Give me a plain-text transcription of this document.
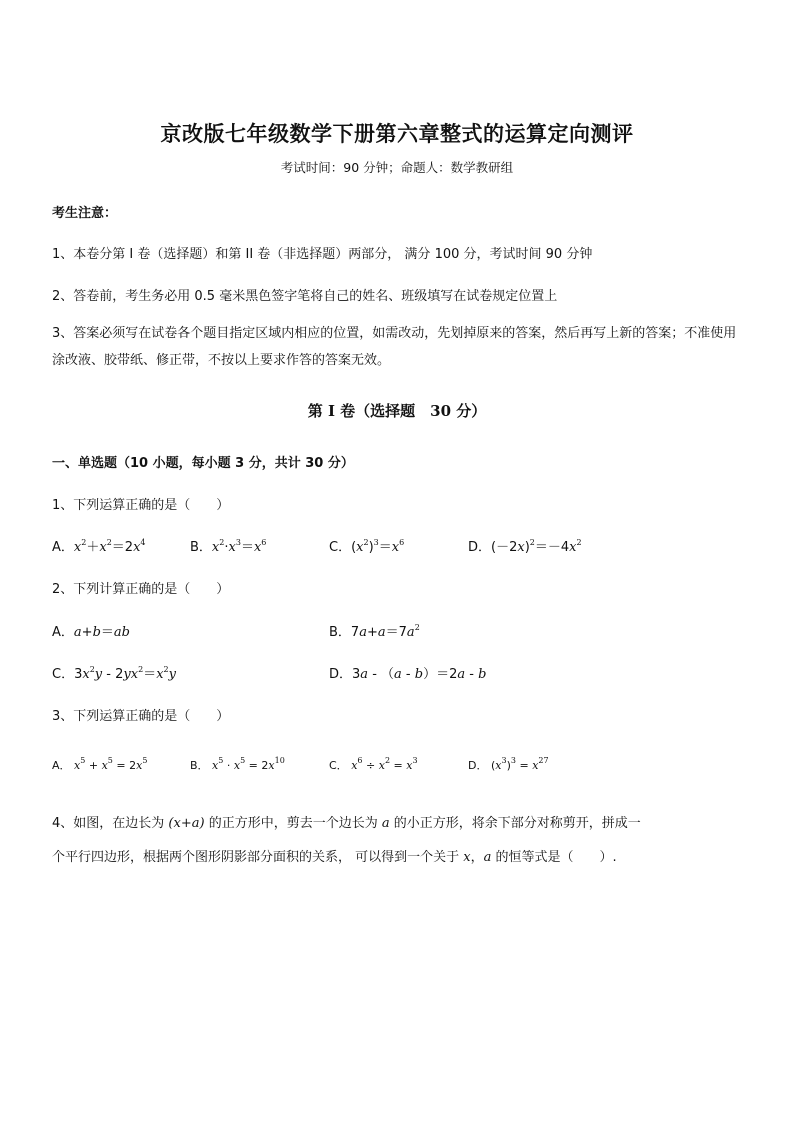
京改版七年级数学下册第六章整式的运算定向测评
考试时间：90 分钟；命题人：数学教研组
考生注意：
1、本卷分第 I 卷（选择题）和第 II 卷（非选择题）两部分， 满分 100 分，考试时间 90 分钟
2、答卷前，考生务必用 0.5 毫米黑色签字笔将自己的姓名、班级填写在试卷规定位置上
3、答案必须写在试卷各个题目指定区域内相应的位置，如需改动，先划掉原来的答案，然后再写上新的答案；不准使用涂改液、胶带纸、修正带，不按以上要求作答的答案无效。
第 I 卷（选择题　30 分）
一、单选题（10 小题，每小题 3 分，共计 30 分）
1、下列运算正确的是（　　）
A．$x^2+x^2=2x^4$	B．$x^2\cdot x^3=x^6$	C．$(x^2)^3=x^6$	D．$(-2x)^2=-4x^2$
2、下列计算正确的是（　　）
A．a+b＝ab	B．$7a+a=7a^2$
C．$3x^2y - 2yx^2=x^2y$	D．3a - （a - b）＝2a - b
3、下列运算正确的是（　　）
A． $x^5 + x^5 = 2x^5$	B． $x^5 \cdot x^5 = 2x^{10}$	C． $x^6 \div x^2 = x^3$	D． $(x^3)^3 = x^{27}$
4、如图，在边长为 (x+a) 的正方形中，剪去一个边长为 a 的小正方形，将余下部分对称剪开，拼成一
个平行四边形，根据两个图形阴影部分面积的关系， 可以得到一个关于 x，a 的恒等式是（　　）.
